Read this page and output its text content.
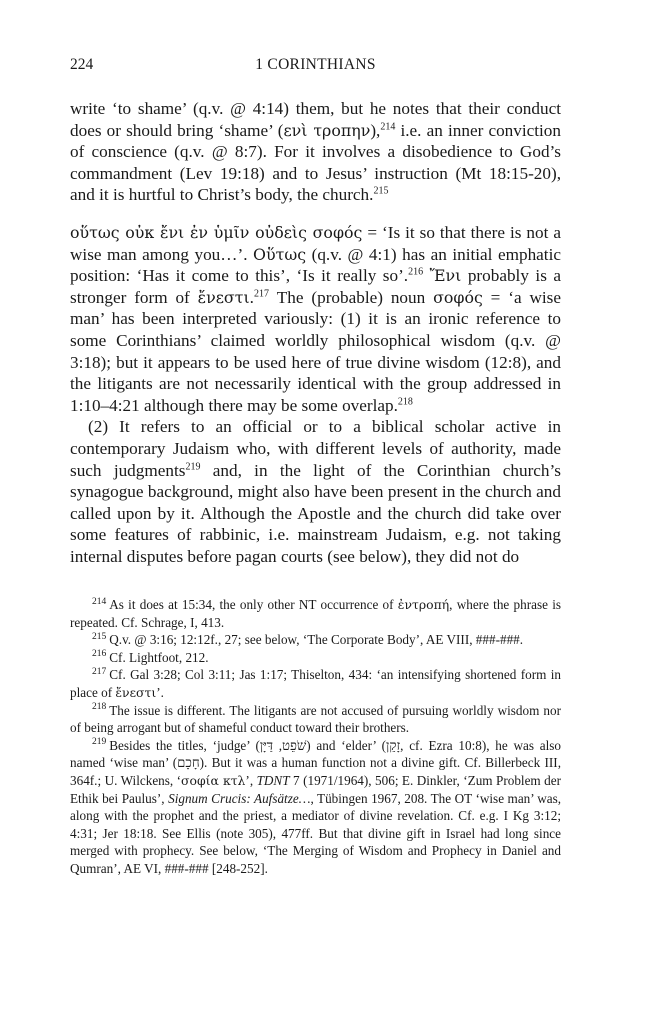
224	1 CORINTHIANS

write ‘to shame’ (q.v. @ 4:14) them, but he notes that their conduct does or should bring ‘shame’ (ενὶ τροπην),$^{214}$ i.e. an inner conviction of conscience (q.v. @ 8:7). For it involves a disobedience to God’s commandment (Lev 19:18) and to Jesus’ instruction (Mt 18:15-20), and it is hurtful to Christ’s body, the church.$^{215}$

οὕτως οὐκ ἔνι ἐν ὑμῖν οὐδεὶς σοφός = ‘Is it so that there is not a wise man among you…’. Οὕτως (q.v. @ 4:1) has an initial emphatic position: ‘Has it come to this’, ‘Is it really so’.$^{216}$ Ἔνι probably is a stronger form of ἔνεστι.$^{217}$ The (probable) noun σοφός = ‘a wise man’ has been interpreted variously: (1) it is an ironic reference to some Corinthians’ claimed worldly philosophical wisdom (q.v. @ 3:18); but it appears to be used here of true divine wisdom (12:8), and the litigants are not necessarily identical with the group addressed in 1:10–4:21 although there may be some overlap.$^{218}$

(2) It refers to an official or to a biblical scholar active in contemporary Judaism who, with different levels of authority, made such judgments$^{219}$ and, in the light of the Corinthian church’s synagogue background, might also have been present in the church and called upon by it. Although the Apostle and the church did take over some features of rabbinic, i.e. mainstream Judaism, e.g. not taking internal disputes before pagan courts (see below), they did not do

$^{214}$ As it does at 15:34, the only other NT occurrence of ἐντροπή, where the phrase is repeated. Cf. Schrage, I, 413.

$^{215}$ Q.v. @ 3:16; 12:12f., 27; see below, ‘The Corporate Body’, AE VIII, ###-###.

$^{216}$ Cf. Lightfoot, 212.

$^{217}$ Cf. Gal 3:28; Col 3:11; Jas 1:17; Thiselton, 434: ‘an intensifying shortened form in place of ἔνεστι’.

$^{218}$ The issue is different. The litigants are not accused of pursuing worldly wisdom nor of being arrogant but of shameful conduct toward their brothers.

$^{219}$ Besides the titles, ‘judge’ (שֹׁפֵט, דַּיָּן) and ‘elder’ (זָקֵן, cf. Ezra 10:8), he was also named ‘wise man’ (חָכָם). But it was a human function not a divine gift. Cf. Billerbeck III, 364f.; U. Wilckens, ‘σοφία κτλ’, TDNT 7 (1971/1964), 506; E. Dinkler, ‘Zum Problem der Ethik bei Paulus’, Signum Crucis: Aufsätze…, Tübingen 1967, 208. The OT ‘wise man’ was, along with the prophet and the priest, a mediator of divine revelation. Cf. e.g. I Kg 3:12; 4:31; Jer 18:18. See Ellis (note 305), 477ff. But that divine gift in Israel had long since merged with prophecy. See below, ‘The Merging of Wisdom and Prophecy in Daniel and Qumran’, AE VI, ###-### [248-252].
